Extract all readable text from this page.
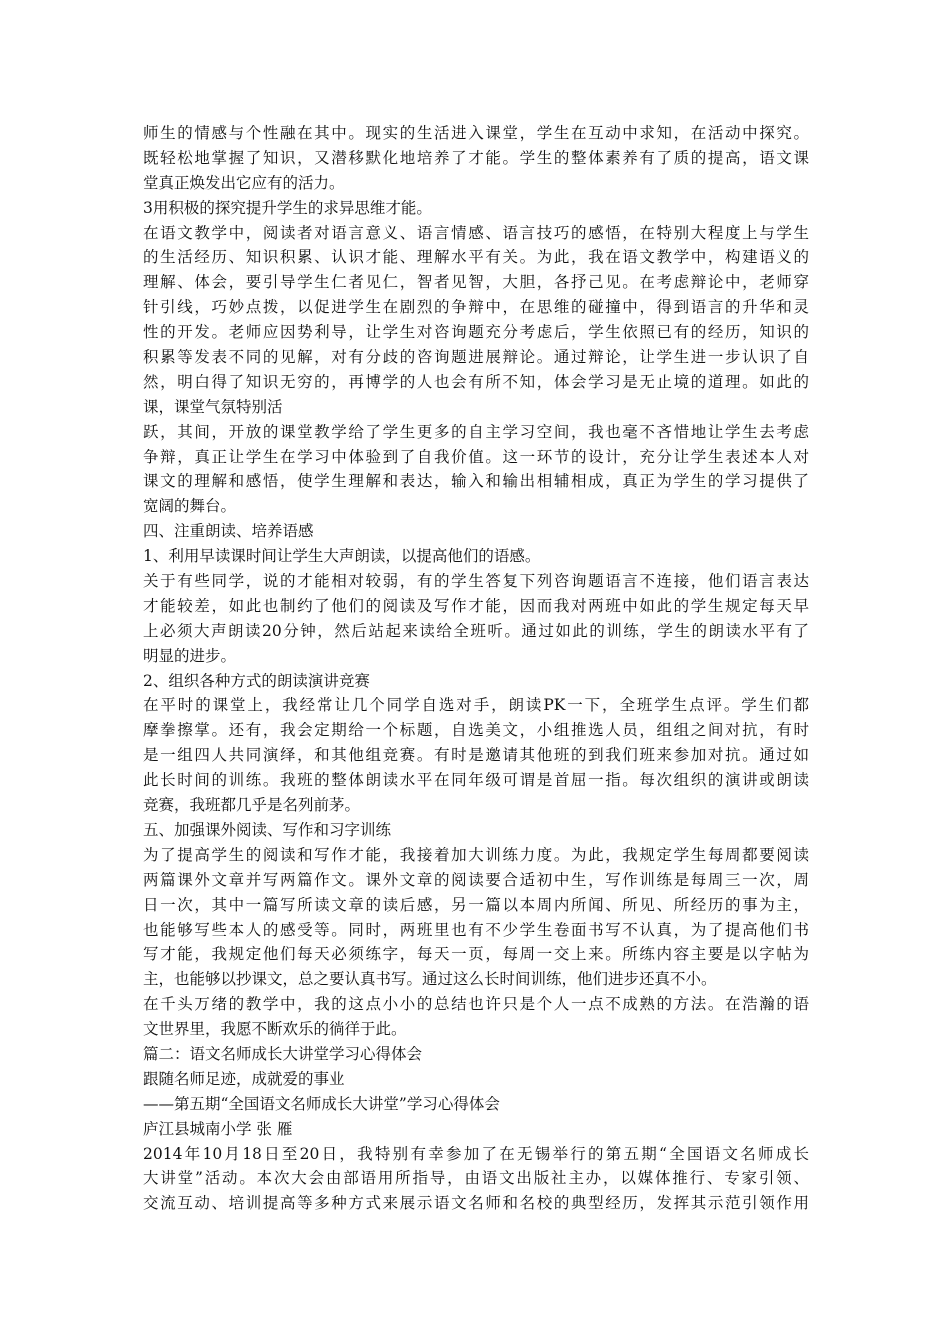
师生的情感与个性融在其中。现实的生活进入课堂，学生在互动中求知，在活动中探究。
既轻松地掌握了知识，又潜移默化地培养了才能。学生的整体素养有了质的提高，语文课
堂真正焕发出它应有的活力。
3用积极的探究提升学生的求异思维才能。
在语文教学中，阅读者对语言意义、语言情感、语言技巧的感悟，在特别大程度上与学生
的生活经历、知识积累、认识才能、理解水平有关。为此，我在语文教学中，构建语义的
理解、体会，要引导学生仁者见仁，智者见智，大胆，各抒己见。在考虑辩论中，老师穿
针引线，巧妙点拨，以促进学生在剧烈的争辩中，在思维的碰撞中，得到语言的升华和灵
性的开发。老师应因势利导，让学生对咨询题充分考虑后，学生依照已有的经历，知识的
积累等发表不同的见解，对有分歧的咨询题进展辩论。通过辩论，让学生进一步认识了自
然，明白得了知识无穷的，再博学的人也会有所不知，体会学习是无止境的道理。如此的
课，课堂气氛特别活
跃，其间，开放的课堂教学给了学生更多的自主学习空间，我也毫不吝惜地让学生去考虑
争辩，真正让学生在学习中体验到了自我价值。这一环节的设计，充分让学生表述本人对
课文的理解和感悟，使学生理解和表达，输入和输出相辅相成，真正为学生的学习提供了
宽阔的舞台。
四、注重朗读、培养语感
1、利用早读课时间让学生大声朗读，以提高他们的语感。
关于有些同学，说的才能相对较弱，有的学生答复下列咨询题语言不连接，他们语言表达
才能较差，如此也制约了他们的阅读及写作才能，因而我对两班中如此的学生规定每天早
上必须大声朗读20分钟，然后站起来读给全班听。通过如此的训练，学生的朗读水平有了
明显的进步。
2、组织各种方式的朗读演讲竞赛
在平时的课堂上，我经常让几个同学自选对手，朗读PK一下，全班学生点评。学生们都
摩拳擦掌。还有，我会定期给一个标题，自选美文，小组推选人员，组组之间对抗，有时
是一组四人共同演绎，和其他组竞赛。有时是邀请其他班的到我们班来参加对抗。通过如
此长时间的训练。我班的整体朗读水平在同年级可谓是首屈一指。每次组织的演讲或朗读
竞赛，我班都几乎是名列前茅。
五、加强课外阅读、写作和习字训练
为了提高学生的阅读和写作才能，我接着加大训练力度。为此，我规定学生每周都要阅读
两篇课外文章并写两篇作文。课外文章的阅读要合适初中生，写作训练是每周三一次，周
日一次，其中一篇写所读文章的读后感，另一篇以本周内所闻、所见、所经历的事为主，
也能够写些本人的感受等。同时，两班里也有不少学生卷面书写不认真，为了提高他们书
写才能，我规定他们每天必须练字，每天一页，每周一交上来。所练内容主要是以字帖为
主，也能够以抄课文，总之要认真书写。通过这么长时间训练，他们进步还真不小。
在千头万绪的教学中，我的这点小小的总结也许只是个人一点不成熟的方法。在浩瀚的语
文世界里，我愿不断欢乐的徜徉于此。
篇二：语文名师成长大讲堂学习心得体会
跟随名师足迹，成就爱的事业
——第五期“全国语文名师成长大讲堂”学习心得体会
庐江县城南小学 张 雁
2014年10月18日至20日，我特别有幸参加了在无锡举行的第五期“全国语文名师成长
大讲堂”活动。本次大会由部语用所指导，由语文出版社主办，以媒体推行、专家引领、
交流互动、培训提高等多种方式来展示语文名师和名校的典型经历，发挥其示范引领作用
